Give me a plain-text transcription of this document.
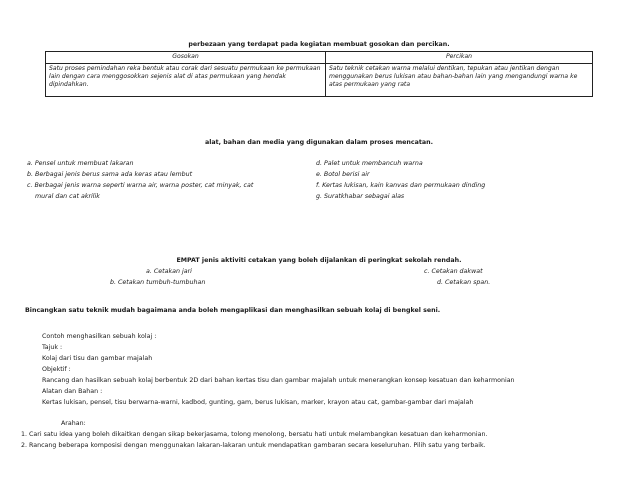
perbezaan yang terdapat pada kegiatan membuat gosokan dan percikan.
Gosokan	Percikan
Satu proses pemindahan reka bentuk atau corak dari sesuatu permukaan ke permukaan lain dengan cara menggosokkan sejenis alat di atas permukaan yang hendak dipindahkan.	Satu teknik cetakan warna melalui dentikan, tepukan atau jentikan dengan menggunakan berus lukisan atau bahan-bahan lain yang mengandungi warna ke atas permukaan yang rata
alat, bahan dan media yang digunakan dalam proses mencatan.
a. Pensel untuk membuat lakaran
b. Berbagai jenis berus sama ada keras atau lembut
c. Berbagai jenis warna seperti warna air, warna poster, cat minyak, cat
mural dan cat akrilik
d. Palet untuk membancuh warna
e. Botol berisi air
f. Kertas lukisan, kain kanvas dan permukaan dinding
g. Suratkhabar sebagai alas
EMPAT jenis aktiviti cetakan yang boleh dijalankan di peringkat sekolah rendah.
a. Cetakan jari	c. Cetakan dakwat
b. Cetakan tumbuh-tumbuhan	d. Cetakan span.
Bincangkan satu teknik mudah bagaimana anda boleh mengaplikasi dan menghasilkan sebuah kolaj di bengkel seni.
Contoh menghasilkan sebuah kolaj :
Tajuk :
Kolaj dari tisu dan gambar majalah
Objektif :
Rancang dan hasilkan sebuah kolaj berbentuk 2D dari bahan kertas tisu dan gambar majalah untuk menerangkan konsep kesatuan dan keharmonian
Alatan dan Bahan :
Kertas lukisan, pensel, tisu berwarna-warni, kadbod, gunting, gam, berus lukisan, marker, krayon atau cat, gambar-gambar dari majalah
Arahan:
1. Cari satu idea yang boleh dikaitkan dengan sikap bekerjasama, tolong menolong, bersatu hati untuk melambangkan kesatuan dan keharmonian.
2. Rancang beberapa komposisi dengan menggunakan lakaran-lakaran untuk mendapatkan gambaran secara keseluruhan. Pilih satu yang terbaik.
